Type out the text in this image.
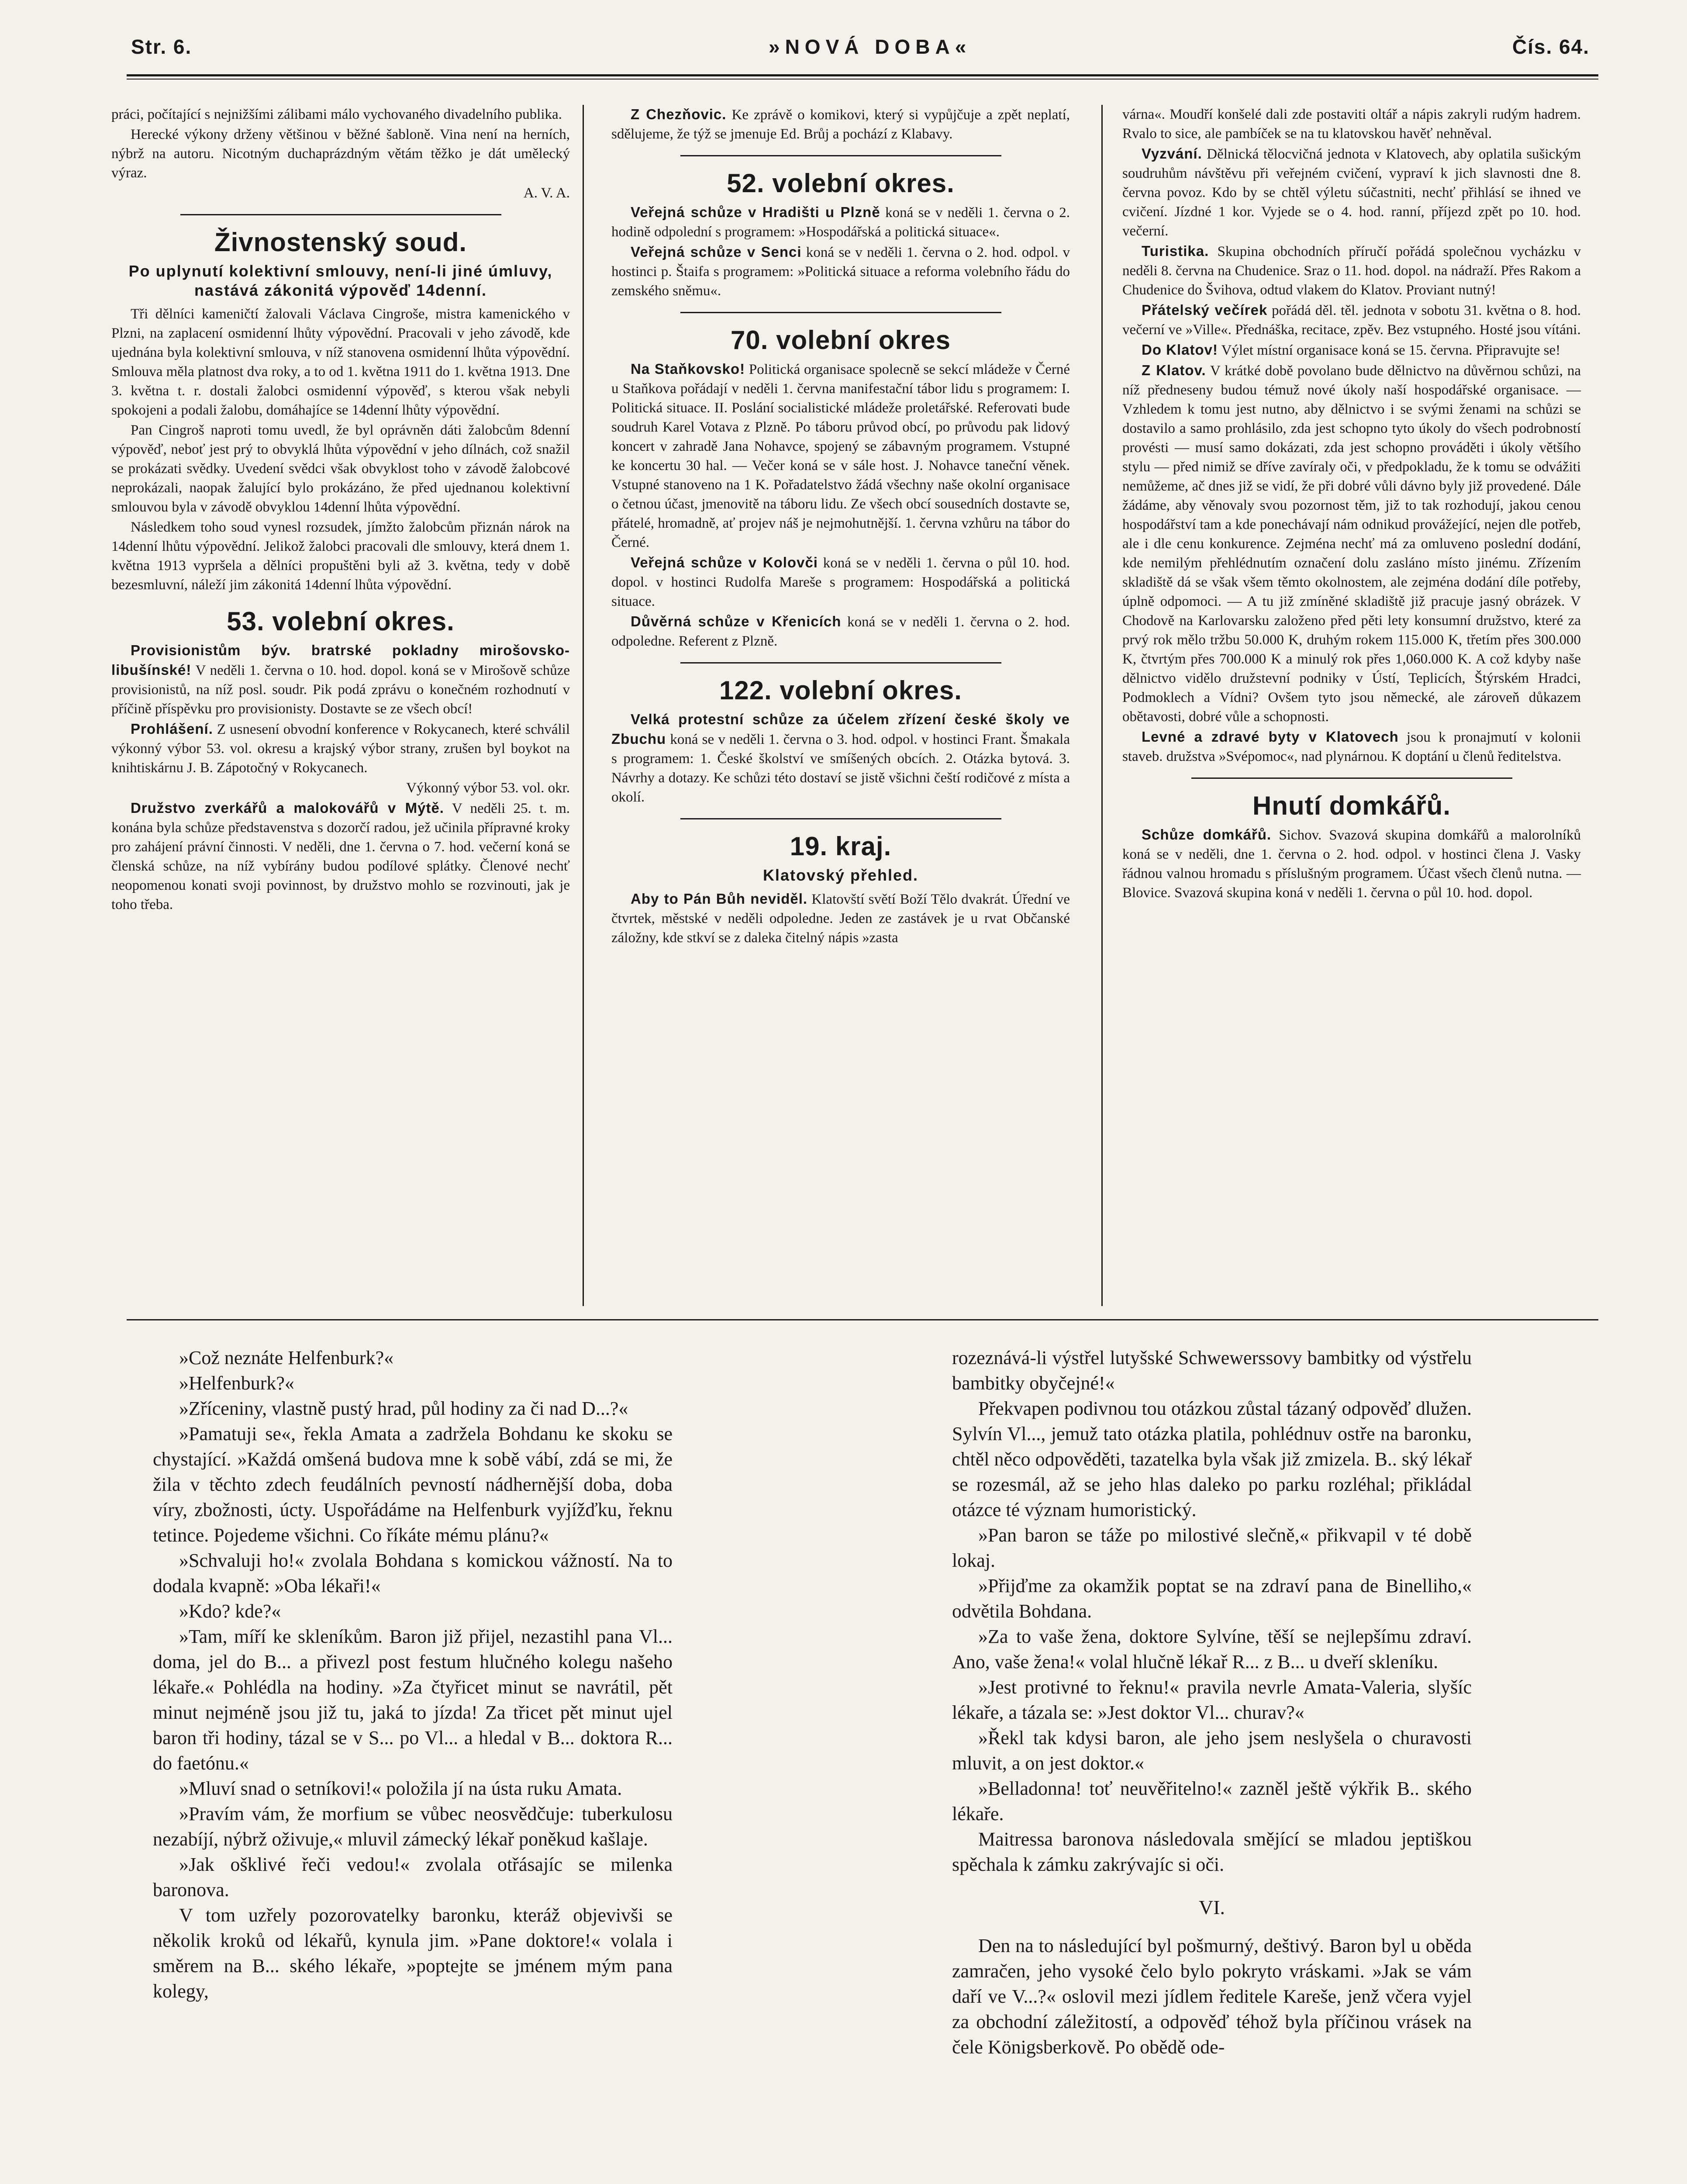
Str. 6.	»NOVÁ DOBA«	Čís. 64.

práci, počítající s nejnižšími zálibami málo vychovaného divadelního publika.

Herecké výkony drženy většinou v běžné šabloně. Vina není na herních, nýbrž na autoru. Nicotným duchaprázdným větám těžko je dát umělecký výraz.

A. V. A.

Živnostenský soud.
Po uplynutí kolektivní smlouvy, není-li jiné úmluvy, nastává zákonitá výpověď 14denní.

Tři dělníci kameničtí žalovali Václava Cingroše, mistra kamenického v Plzni, na zaplacení osmidenní lhůty výpovědní. Pracovali v jeho závodě, kde ujednána byla kolektivní smlouva, v níž stanovena osmidenní lhůta výpovědní. Smlouva měla platnost dva roky, a to od 1. května 1911 do 1. května 1913. Dne 3. května t. r. dostali žalobci osmidenní výpověď, s kterou však nebyli spokojeni a podali žalobu, domáhajíce se 14denní lhůty výpovědní.

Pan Cingroš naproti tomu uvedl, že byl oprávněn dáti žalobcům 8denní výpověď, neboť jest prý to obvyklá lhůta výpovědní v jeho dílnách, což snažil se prokázati svědky. Uvedení svědci však obvyklost toho v závodě žalobcové neprokázali, naopak žalující bylo prokázáno, že před ujednanou kolektivní smlouvou byla v závodě obvyklou 14denní lhůta výpovědní.

Následkem toho soud vynesl rozsudek, jímžto žalobcům přiznán nárok na 14denní lhůtu výpovědní. Jelikož žalobci pracovali dle smlouvy, která dnem 1. května 1913 vypršela a dělníci propuštěni byli až 3. května, tedy v době bezesmluvní, náleží jim zákonitá 14denní lhůta výpovědní.

53. volební okres.

Provisionistům býv. bratrské pokladny mirošovsko-libušínské! V neděli 1. června o 10. hod. dopol. koná se v Mirošově schůze provisionistů, na níž posl. soudr. Pik podá zprávu o konečném rozhodnutí v příčině příspěvku pro provisionisty. Dostavte se ze všech obcí!

Prohlášení. Z usnesení obvodní konference v Rokycanech, které schválil výkonný výbor 53. vol. okresu a krajský výbor strany, zrušen byl boykot na knihtiskárnu J. B. Zápotočný v Rokycanech.

Výkonný výbor 53. vol. okr.

Družstvo zverkářů a malokovářů v Mýtě. V neděli 25. t. m. konána byla schůze představenstva s dozorčí radou, jež učinila přípravné kroky pro zahájení právní činnosti. V neděli, dne 1. června o 7. hod. večerní koná se členská schůze, na níž vybírány budou podílové splátky. Členové nechť neopomenou konati svoji povinnost, by družstvo mohlo se rozvinouti, jak je toho třeba.

Z Chezňovic. Ke zprávě o komikovi, který si vypůjčuje a zpět neplatí, sdělujeme, že týž se jmenuje Ed. Brůj a pochází z Klabavy.

52. volební okres.

Veřejná schůze v Hradišti u Plzně koná se v neděli 1. června o 2. hodině odpolední s programem: »Hospodářská a politická situace«.

Veřejná schůze v Senci koná se v neděli 1. června o 2. hod. odpol. v hostinci p. Štaifa s programem: »Politická situace a reforma volebního řádu do zemského sněmu«.

70. volební okres

Na Staňkovsko! Politická organisace spolecně se sekcí mládeže v Černé u Staňkova pořádají v neděli 1. června manifestační tábor lidu s programem: I. Politická situace. II. Poslání socialistické mládeže proletářské. Referovati bude soudruh Karel Votava z Plzně. Po táboru průvod obcí, po průvodu pak lidový koncert v zahradě Jana Nohavce, spojený se zábavným programem. Vstupné ke koncertu 30 hal. — Večer koná se v sále host. J. Nohavce taneční věnek. Vstupné stanoveno na 1 K. Pořadatelstvo žádá všechny naše okolní organisace o četnou účast, jmenovitě na táboru lidu. Ze všech obcí sousedních dostavte se, přátelé, hromadně, ať projev náš je nejmohutnější. 1. června vzhůru na tábor do Černé.

Veřejná schůze v Kolovči koná se v neděli 1. června o půl 10. hod. dopol. v hostinci Rudolfa Mareše s programem: Hospodářská a politická situace.

Důvěrná schůze v Křenicích koná se v neděli 1. června o 2. hod. odpoledne. Referent z Plzně.

122. volební okres.

Velká protestní schůze za účelem zřízení české školy ve Zbuchu koná se v neděli 1. června o 3. hod. odpol. v hostinci Frant. Šmakala s programem: 1. České školství ve smíšených obcích. 2. Otázka bytová. 3. Návrhy a dotazy. Ke schůzi této dostaví se jistě všichni čeští rodičové z místa a okolí.

19. kraj.
Klatovský přehled.

Aby to Pán Bůh neviděl. Klatovští světí Boží Tělo dvakrát. Úřední ve čtvrtek, městské v neděli odpoledne. Jeden ze zastávek je u rvat Občanské záložny, kde stkví se z daleka čitelný nápis »zasta

várna«. Moudří konšelé dali zde postaviti oltář a nápis zakryli rudým hadrem. Rvalo to sice, ale pambíček se na tu klatovskou havěť nehněval.

Vyzvání. Dělnická tělocvičná jednota v Klatovech, aby oplatila sušickým soudruhům návštěvu při veřejném cvičení, vypraví k jich slavnosti dne 8. června povoz. Kdo by se chtěl výletu súčastniti, nechť přihlásí se ihned ve cvičení. Jízdné 1 kor. Vyjede se o 4. hod. ranní, příjezd zpět po 10. hod. večerní.

Turistika. Skupina obchodních příručí pořádá společnou vycházku v neděli 8. června na Chudenice. Sraz o 11. hod. dopol. na nádraží. Přes Rakom a Chudenice do Švihova, odtud vlakem do Klatov. Proviant nutný!

Přátelský večírek pořádá děl. těl. jednota v sobotu 31. května o 8. hod. večerní ve »Ville«. Přednáška, recitace, zpěv. Bez vstupného. Hosté jsou vítáni.

Do Klatov! Výlet místní organisace koná se 15. června. Připravujte se!

Z Klatov. V krátké době povolano bude dělnictvo na důvěrnou schůzi, na níž předneseny budou témuž nové úkoly naší hospodářské organisace. — Vzhledem k tomu jest nutno, aby dělnictvo i se svými ženami na schůzi se dostavilo a samo prohlásilo, zda jest schopno tyto úkoly do všech podrobností provésti — musí samo dokázati, zda jest schopno prováděti i úkoly většího stylu — před nimiž se dříve zavíraly oči, v předpokladu, že k tomu se odvážiti nemůžeme, ač dnes již se vidí, že při dobré vůli dávno byly již provedené. Dále žádáme, aby věnovaly svou pozornost těm, již to tak rozhodují, jakou cenou hospodářství tam a kde ponechávají nám odnikud provážející, nejen dle potřeb, ale i dle cenu konkurence. Zejména nechť má za omluveno poslední dodání, kde nemilým přehlédnutím označení dolu zasláno místo jinému. Zřízením skladiště dá se však všem těmto okolnostem, ale zejména dodání díle potřeby, úplně odpomoci. — A tu již zmíněné skladiště již pracuje jasný obrázek. V Chodově na Karlovarsku založeno před pěti lety konsumní družstvo, které za prvý rok mělo tržbu 50.000 K, druhým rokem 115.000 K, třetím přes 300.000 K, čtvrtým přes 700.000 K a minulý rok přes 1,060.000 K. A což kdyby naše dělnictvo vidělo družstevní podniky v Ústí, Teplicích, Štýrském Hradci, Podmoklech a Vídni? Ovšem tyto jsou německé, ale zároveň důkazem obětavosti, dobré vůle a schopnosti.

Levné a zdravé byty v Klatovech jsou k pronajmutí v kolonii staveb. družstva »Svépomoc«, nad plynárnou. K doptání u členů ředitelstva.

Hnutí domkářů.

Schůze domkářů. Sichov. Svazová skupina domkářů a malorolníků koná se v neděli, dne 1. června o 2. hod. odpol. v hostinci člena J. Vasky řádnou valnou hromadu s příslušným programem. Účast všech členů nutna. — Blovice. Svazová skupina koná v neděli 1. června o půl 10. hod. dopol.

»Což neznáte Helfenburk?«

»Helfenburk?«

»Zříceniny, vlastně pustý hrad, půl hodiny za či nad D...?«

»Pamatuji se«, řekla Amata a zadržela Bohdanu ke skoku se chystající. »Každá omšená budova mne k sobě vábí, zdá se mi, že žila v těchto zdech feudálních pevností nádhernější doba, doba víry, zbožnosti, úcty. Uspořádáme na Helfenburk vyjížďku, řeknu tetince. Pojedeme všichni. Co říkáte mému plánu?«

»Schvaluji ho!« zvolala Bohdana s komickou vážností. Na to dodala kvapně: »Oba lékaři!«

»Kdo? kde?«

»Tam, míří ke skleníkům. Baron již přijel, nezastihl pana Vl... doma, jel do B... a přivezl post festum hlučného kolegu našeho lékaře.« Pohlédla na hodiny. »Za čtyřicet minut se navrátil, pět minut nejméně jsou již tu, jaká to jízda! Za třicet pět minut ujel baron tři hodiny, tázal se v S... po Vl... a hledal v B... doktora R... do faetónu.«

»Mluví snad o setníkovi!« položila jí na ústa ruku Amata.

»Pravím vám, že morfium se vůbec neosvědčuje: tuberkulosu nezabíjí, nýbrž oživuje,« mluvil zámecký lékař poněkud kašlaje.

»Jak ošklivé řeči vedou!« zvolala otřásajíc se milenka baronova.

V tom uzřely pozorovatelky baronku, kteráž objevivši se několik kroků od lékařů, kynula jim. »Pane doktore!« volala i směrem na B... ského lékaře, »poptejte se jménem mým pana kolegy,

rozeznává-li výstřel lutyšské Schwewerssovy bambitky od výstřelu bambitky obyčejné!«

Překvapen podivnou tou otázkou zůstal tázaný odpověď dlužen. Sylvín Vl..., jemuž tato otázka platila, pohlédnuv ostře na baronku, chtěl něco odpověděti, tazatelka byla však již zmizela. B.. ský lékař se rozesmál, až se jeho hlas daleko po parku rozléhal; přikládal otázce té význam humoristický.

»Pan baron se táže po milostivé slečně,« přikvapil v té době lokaj.

»Přijďme za okamžik poptat se na zdraví pana de Binelliho,« odvětila Bohdana.

»Za to vaše žena, doktore Sylvíne, těší se nejlepšímu zdraví. Ano, vaše žena!« volal hlučně lékař R... z B... u dveří skleníku.

»Jest protivné to řeknu!« pravila nevrle Amata-Valeria, slyšíc lékaře, a tázala se: »Jest doktor Vl... churav?«

»Řekl tak kdysi baron, ale jeho jsem neslyšela o churavosti mluvit, a on jest doktor.«

»Belladonna! toť neuvěřitelno!« zazněl ještě výkřik B.. ského lékaře.

Maitressa baronova následovala smějící se mladou jeptiškou spěchala k zámku zakrývajíc si oči.

VI.

Den na to následující byl pošmurný, deštivý. Baron byl u oběda zamračen, jeho vysoké čelo bylo pokryto vráskami. »Jak se vám daří ve V...?« oslovil mezi jídlem ředitele Kareše, jenž včera vyjel za obchodní záležitostí, a odpověď téhož byla příčinou vrásek na čele Königsberkově. Po obědě ode-
